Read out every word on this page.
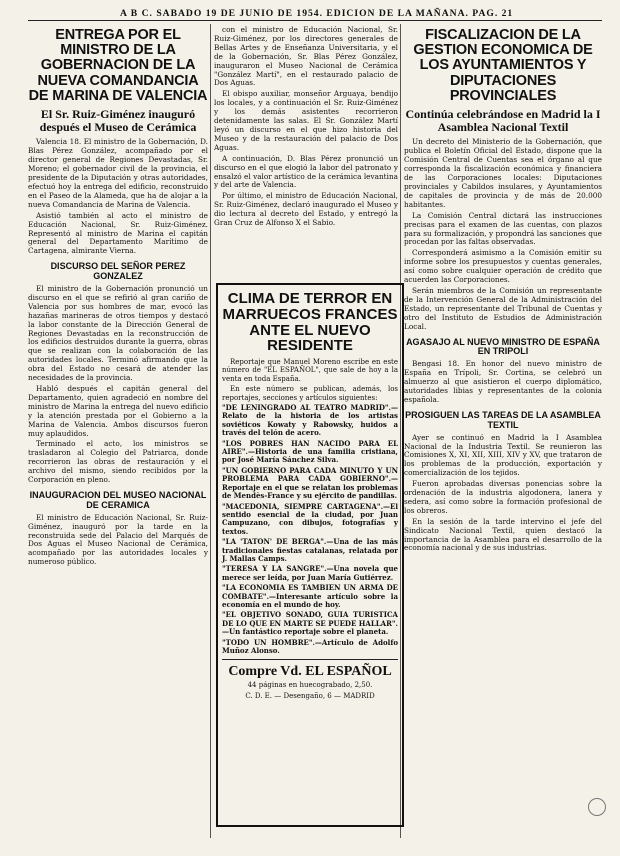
A B C. SABADO 19 DE JUNIO DE 1954. EDICION DE LA MAÑANA. PAG. 21
ENTREGA POR EL MINISTRO DE LA GOBERNACION DE LA NUEVA COMANDANCIA DE MARINA DE VALENCIA
El Sr. Ruiz-Giménez inauguró después el Museo de Cerámica

Valencia 18. El ministro de la Gobernación, D. Blas Pérez González, acompañado por el director general de Regiones Devastadas, Sr. Moreno; el gobernador civil de la provincia, el presidente de la Diputación y otras autoridades, efectuó hoy la entrega del edificio, reconstruido en el Paseo de la Alameda, que ha de alojar a la nueva Comandancia de Marina de Valencia.

Asistió también al acto el ministro de Educación Nacional, Sr. Ruiz-Giménez. Representó al ministro de Marina el capitán general del Departamento Marítimo de Cartagena, almirante Vierna.

DISCURSO DEL SEÑOR PEREZ GONZALEZ

El ministro de la Gobernación pronunció un discurso en el que se refirió al gran cariño de Valencia por sus hombres de mar, evocó las hazañas marineras de otros tiempos y destacó la labor constante de la Dirección General de Regiones Devastadas en la reconstrucción de los edificios destruidos durante la guerra, obras que se realizan con la colaboración de las autoridades locales. Terminó afirmando que la obra del Estado no cesará de atender las necesidades de la provincia.

Habló después el capitán general del Departamento, quien agradeció en nombre del ministro de Marina la entrega del nuevo edificio y la atención prestada por el Gobierno a la Marina de Valencia. Ambos discursos fueron muy aplaudidos.

Terminado el acto, los ministros se trasladaron al Colegio del Patriarca, donde recorrieron las obras de restauración y el archivo del mismo, siendo recibidos por la Corporación en pleno.

INAUGURACION DEL MUSEO NACIONAL DE CERAMICA

El ministro de Educación Nacional, Sr. Ruiz-Giménez, inauguró por la tarde en la reconstruida sede del Palacio del Marqués de Dos Aguas el Museo Nacional de Cerámica, acompañado por las autoridades locales y numeroso público.

con el ministro de Educación Nacional, Sr. Ruiz-Giménez, por los directores generales de Bellas Artes y de Enseñanza Universitaria, y el de la Gobernación, Sr. Blas Pérez González, inauguraron el Museo Nacional de Cerámica "González Martí", en el restaurado palacio de Dos Aguas.

El obispo auxiliar, monseñor Arguaya, bendijo los locales, y a continuación el Sr. Ruiz-Giménez y los demás asistentes recorrieron detenidamente las salas. El Sr. González Martí leyó un discurso en el que hizo historia del Museo y de la restauración del palacio de Dos Aguas.

A continuación, D. Blas Pérez pronunció un discurso en el que elogió la labor del patronato y ensalzó el valor artístico de la cerámica levantina y del arte de Valencia.

Por último, el ministro de Educación Nacional, Sr. Ruiz-Giménez, declaró inaugurado el Museo y dio lectura al decreto del Estado, y entregó la Gran Cruz de Alfonso X el Sabio.

CLIMA DE TERROR EN MARRUECOS FRANCES ANTE EL NUEVO RESIDENTE

Reportaje que Manuel Moreno escribe en este número de "EL ESPAÑOL", que sale de hoy a la venta en toda España.

En este número se publican, además, los reportajes, secciones y artículos siguientes:

"DE LENINGRADO AL TEATRO MADRID".—Relato de la historia de los artistas soviéticos Kowaty y Rabowsky, huidos a través del telón de acero.

"LOS POBRES HAN NACIDO PARA EL AIRE".—Historia de una familia cristiana, por José María Sánchez Silva.

"UN GOBIERNO PARA CADA MINUTO Y UN PROBLEMA PARA CADA GOBIERNO".—Reportaje en el que se relatan los problemas de Mendès-France y su ejército de pandillas.

"MACEDONIA, SIEMPRE CARTAGENA".—El sentido esencial de la ciudad, por Juan Campuzano, con dibujos, fotografías y textos.

"LA 'TATON' DE BERGA".—Una de las más tradicionales fiestas catalanas, relatada por J. Mallas Camps.

"TERESA Y LA SANGRE".—Una novela que merece ser leída, por Juan María Gutiérrez.

"LA ECONOMIA ES TAMBIEN UN ARMA DE COMBATE".—Interesante artículo sobre la economía en el mundo de hoy.

"EL OBJETIVO SONADO, GUIA TURISTICA DE LO QUE EN MARTE SE PUEDE HALLAR".—Un fantástico reportaje sobre el planeta.

"TODO UN HOMBRE".—Artículo de Adolfo Muñoz Alonso.

Compre Vd. EL ESPAÑOL

44 páginas en huecograbado, 2,50.

C. D. E. — Desengaño, 6 — MADRID

FISCALIZACION DE LA GESTION ECONOMICA DE LOS AYUNTAMIENTOS Y DIPUTACIONES PROVINCIALES
Continúa celebrándose en Madrid la I Asamblea Nacional Textil

Un decreto del Ministerio de la Gobernación, que publica el Boletín Oficial del Estado, dispone que la Comisión Central de Cuentas sea el órgano al que corresponda la fiscalización económica y financiera de las Corporaciones locales: Diputaciones provinciales y Cabildos insulares, y Ayuntamientos de capitales de provincia y de más de 20.000 habitantes.

La Comisión Central dictará las instrucciones precisas para el examen de las cuentas, con plazos para su formalización, y propondrá las sanciones que procedan por las faltas observadas.

Corresponderá asimismo a la Comisión emitir su informe sobre los presupuestos y cuentas generales, así como sobre cualquier operación de crédito que acuerden las Corporaciones.

Serán miembros de la Comisión un representante de la Intervención General de la Administración del Estado, un representante del Tribunal de Cuentas y otro del Instituto de Estudios de Administración Local.

AGASAJO AL NUEVO MINISTRO DE ESPAÑA EN TRIPOLI

Bengasi 18. En honor del nuevo ministro de España en Trípoli, Sr. Cortina, se celebró un almuerzo al que asistieron el cuerpo diplomático, autoridades libias y representantes de la colonia española.

PROSIGUEN LAS TAREAS DE LA ASAMBLEA TEXTIL

Ayer se continuó en Madrid la I Asamblea Nacional de la Industria Textil. Se reunieron las Comisiones X, XI, XII, XIII, XIV y XV, que trataron de los problemas de la producción, exportación y comercialización de los tejidos.

Fueron aprobadas diversas ponencias sobre la ordenación de la industria algodonera, lanera y sedera, así como sobre la formación profesional de los obreros.

En la sesión de la tarde intervino el jefe del Sindicato Nacional Textil, quien destacó la importancia de la Asamblea para el desarrollo de la economía nacional y de sus industrias.
